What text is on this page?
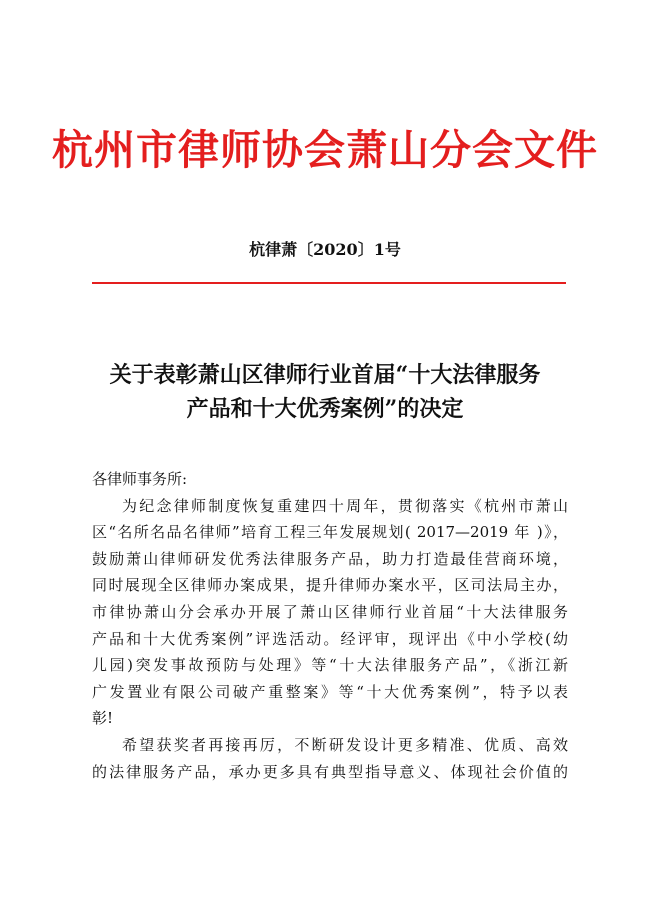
杭州市律师协会萧山分会文件
杭律萧〔2020〕1号
关于表彰萧山区律师行业首届“十大法律服务
产品和十大优秀案例”的决定
各律师事务所:
为纪念律师制度恢复重建四十周年，贯彻落实《杭州市萧山
区“名所名品名律师”培育工程三年发展规划( 2017—2019 年 )》，
鼓励萧山律师研发优秀法律服务产品，助力打造最佳营商环境，
同时展现全区律师办案成果，提升律师办案水平，区司法局主办，
市律协萧山分会承办开展了萧山区律师行业首届“十大法律服务
产品和十大优秀案例”评选活动。经评审，现评出《中小学校(幼
儿园)突发事故预防与处理》等“十大法律服务产品”，《浙江新
广发置业有限公司破产重整案》等“十大优秀案例”，特予以表
彰!
希望获奖者再接再厉，不断研发设计更多精准、优质、高效
的法律服务产品，承办更多具有典型指导意义、体现社会价值的
